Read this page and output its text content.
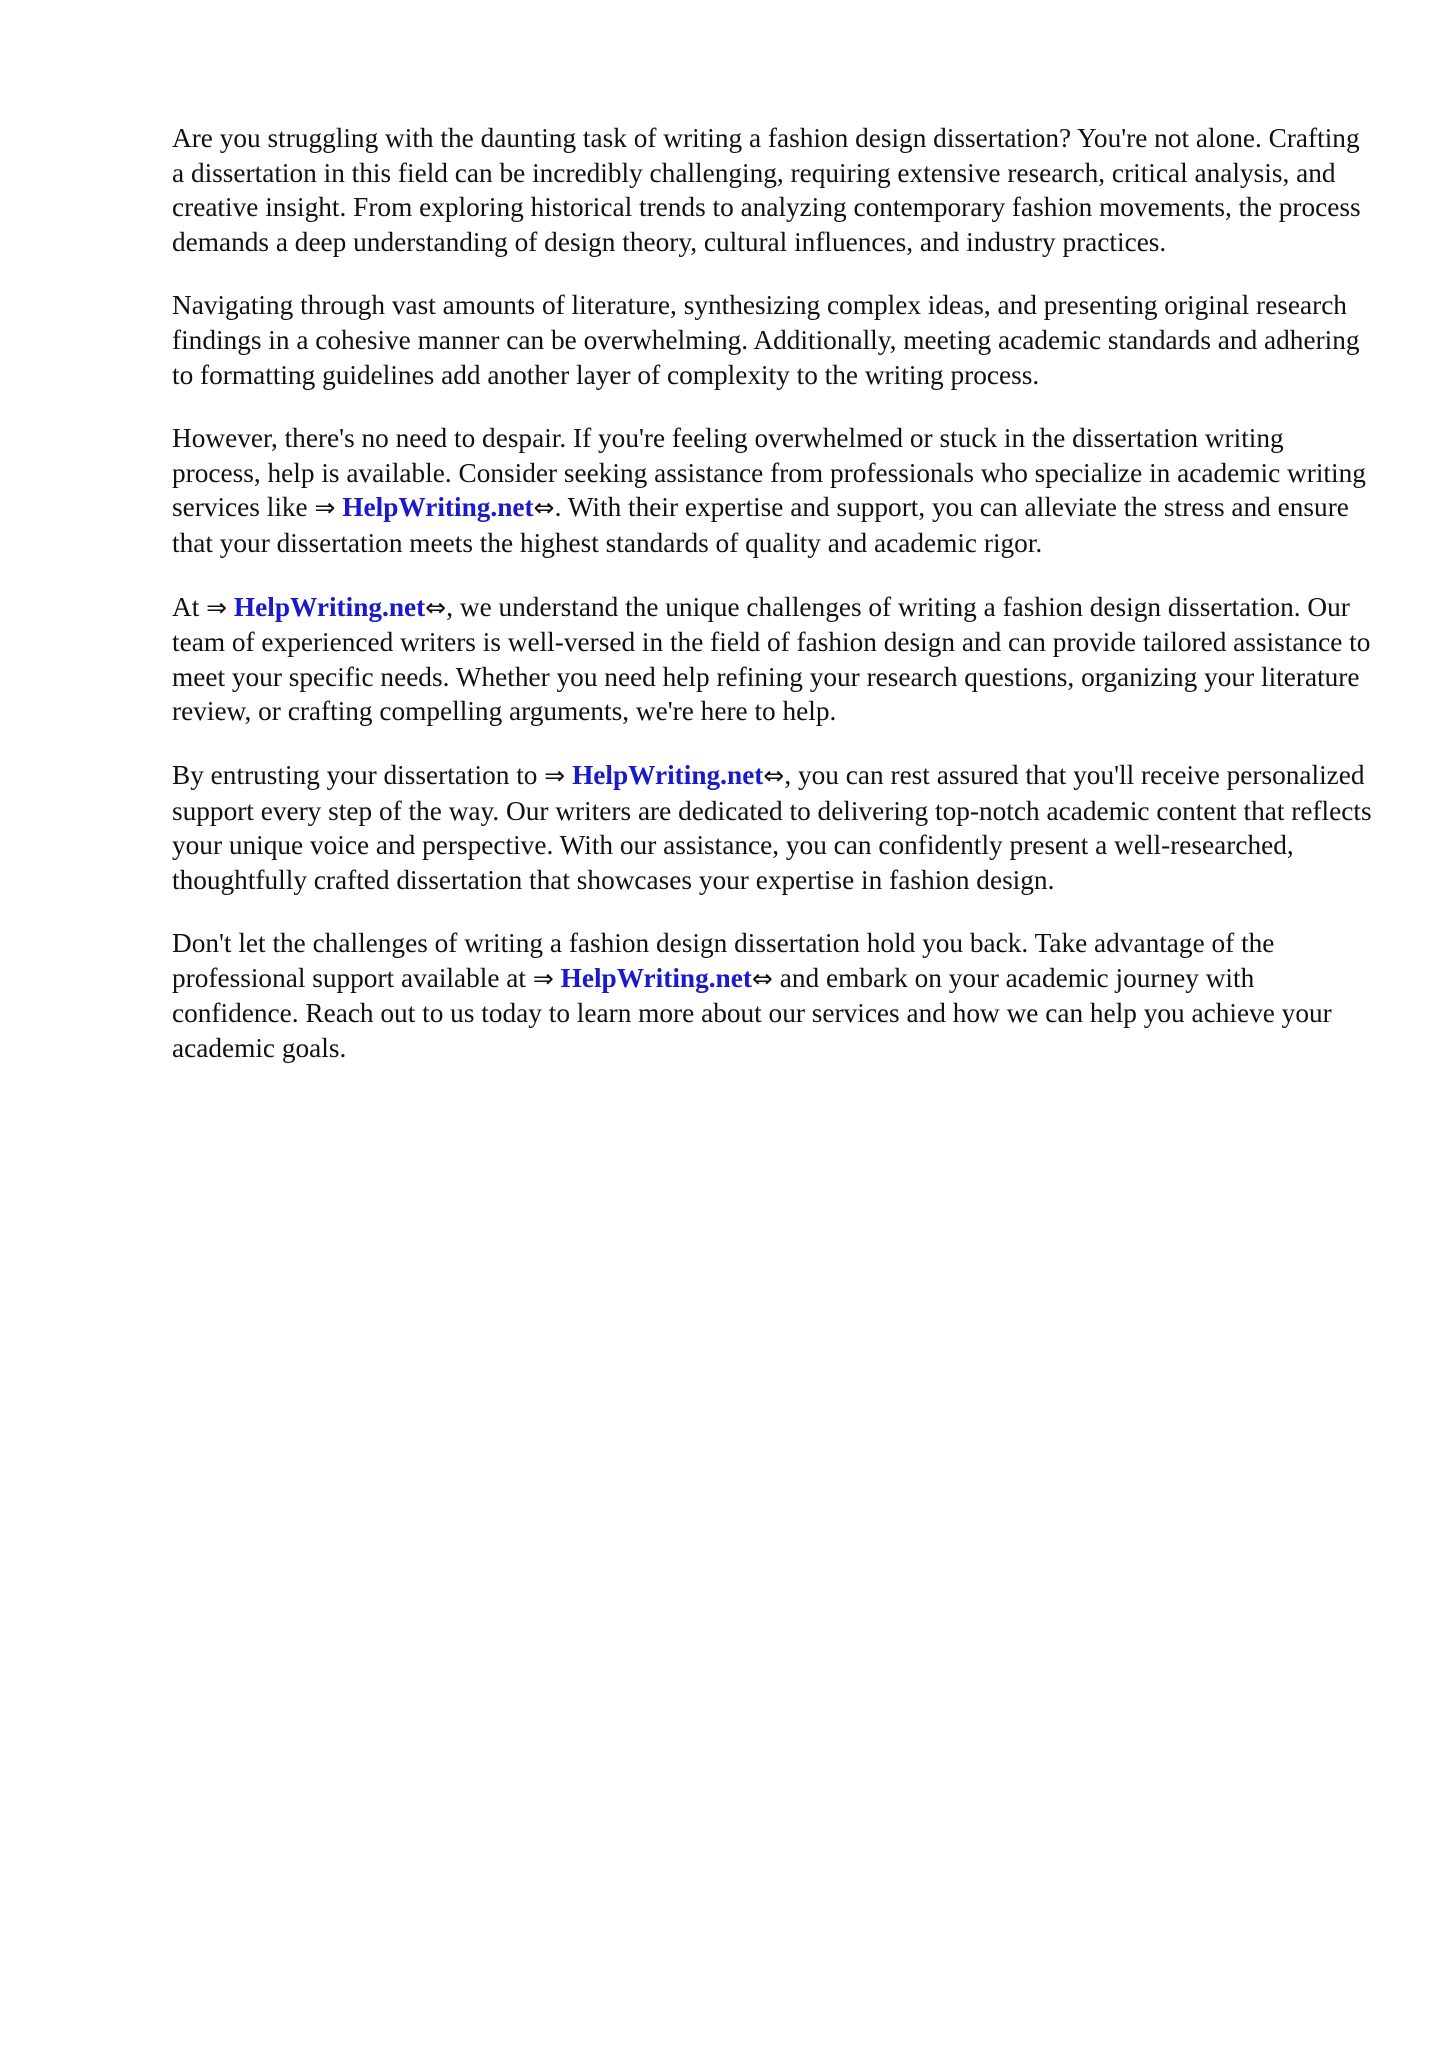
Are you struggling with the daunting task of writing a fashion design dissertation? You're not alone. Crafting a dissertation in this field can be incredibly challenging, requiring extensive research, critical analysis, and creative insight. From exploring historical trends to analyzing contemporary fashion movements, the process demands a deep understanding of design theory, cultural influences, and industry practices.

Navigating through vast amounts of literature, synthesizing complex ideas, and presenting original research findings in a cohesive manner can be overwhelming. Additionally, meeting academic standards and adhering to formatting guidelines add another layer of complexity to the writing process.

However, there's no need to despair. If you're feeling overwhelmed or stuck in the dissertation writing process, help is available. Consider seeking assistance from professionals who specialize in academic writing services like ⇒ HelpWriting.net⇔. With their expertise and support, you can alleviate the stress and ensure that your dissertation meets the highest standards of quality and academic rigor.

At ⇒ HelpWriting.net⇔, we understand the unique challenges of writing a fashion design dissertation. Our team of experienced writers is well-versed in the field of fashion design and can provide tailored assistance to meet your specific needs. Whether you need help refining your research questions, organizing your literature review, or crafting compelling arguments, we're here to help.

By entrusting your dissertation to ⇒ HelpWriting.net⇔, you can rest assured that you'll receive personalized support every step of the way. Our writers are dedicated to delivering top-notch academic content that reflects your unique voice and perspective. With our assistance, you can confidently present a well-researched, thoughtfully crafted dissertation that showcases your expertise in fashion design.

Don't let the challenges of writing a fashion design dissertation hold you back. Take advantage of the professional support available at ⇒ HelpWriting.net⇔ and embark on your academic journey with confidence. Reach out to us today to learn more about our services and how we can help you achieve your academic goals.
